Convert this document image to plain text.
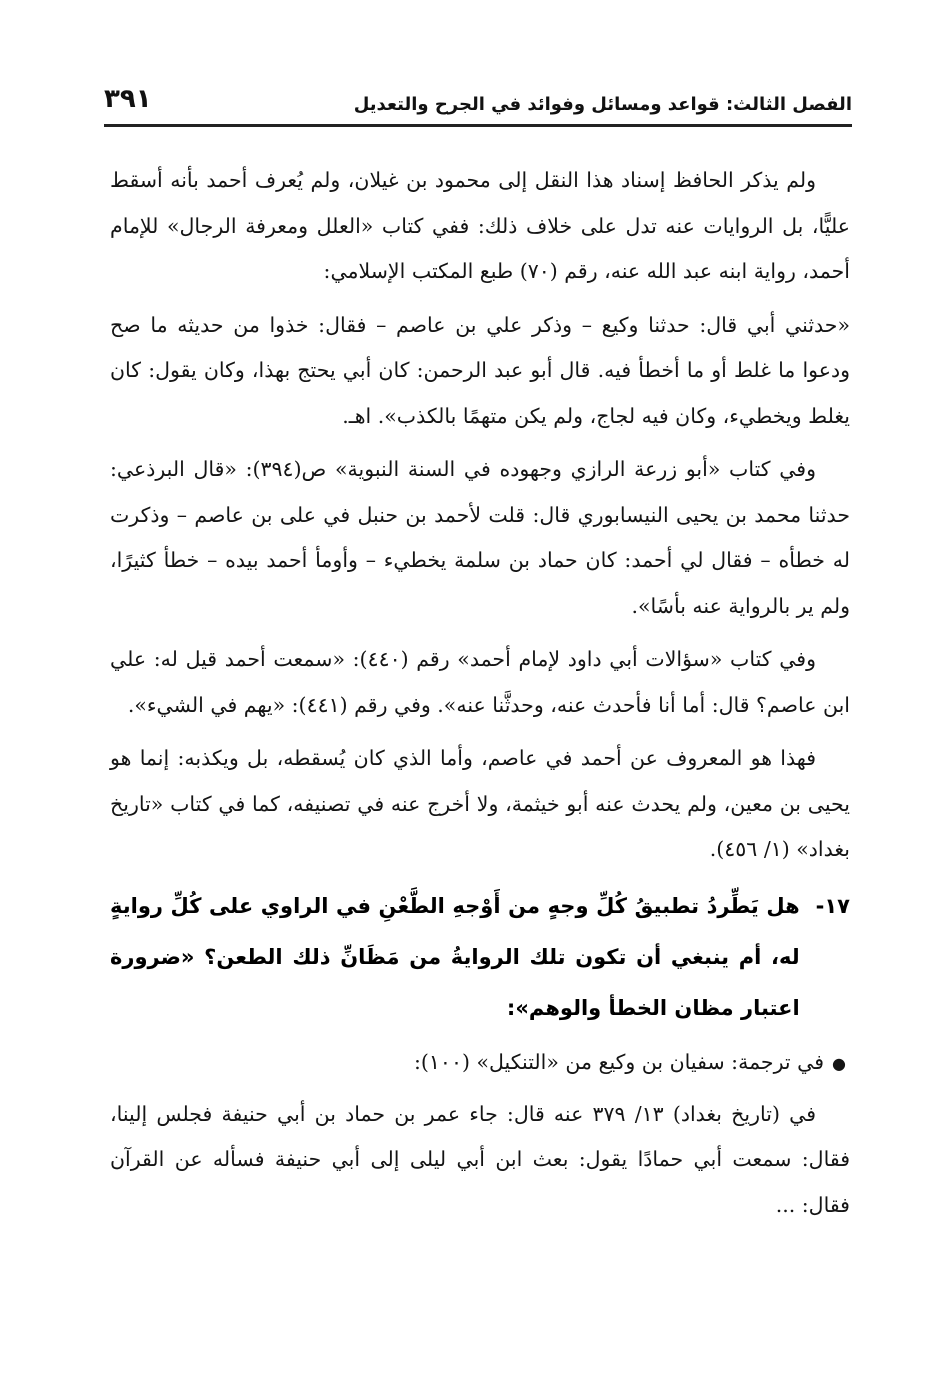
الفصل الثالث: قواعد ومسائل وفوائد في الجرح والتعديل
٣٩١

ولم يذكر الحافظ إسناد هذا النقل إلى محمود بن غيلان، ولم يُعرف أحمد بأنه أسقط عليًّا، بل الروايات عنه تدل على خلاف ذلك: ففي كتاب «العلل ومعرفة الرجال» للإمام أحمد، رواية ابنه عبد الله عنه، رقم (٧٠) طبع المكتب الإسلامي:

«حدثني أبي قال: حدثنا وكيع – وذكر علي بن عاصم – فقال: خذوا من حديثه ما صح ودعوا ما غلط أو ما أخطأ فيه. قال أبو عبد الرحمن: كان أبي يحتج بهذا، وكان يقول: كان يغلط ويخطيء، وكان فيه لجاج، ولم يكن متهمًا بالكذب». اهـ.

وفي كتاب «أبو زرعة الرازي وجهوده في السنة النبوية» ص(٣٩٤): «قال البرذعي: حدثنا محمد بن يحيى النيسابوري قال: قلت لأحمد بن حنبل في على بن عاصم – وذكرت له خطأه – فقال لي أحمد: كان حماد بن سلمة يخطيء – وأومأ أحمد بيده – خطأ كثيرًا، ولم ير بالرواية عنه بأسًا».

وفي كتاب «سؤالات أبي داود لإمام أحمد» رقم (٤٤٠): «سمعت أحمد قيل له: علي ابن عاصم؟ قال: أما أنا فأحدث عنه، وحدثَّنا عنه». وفي رقم (٤٤١): «يهم في الشيء».

فهذا هو المعروف عن أحمد في عاصم، وأما الذي كان يُسقطه، بل ويكذبه: إنما هو يحيى بن معين، ولم يحدث عنه أبو خيثمة، ولا أخرج عنه في تصنيفه، كما في كتاب «تاريخ بغداد» (١/ ٤٥٦).

١٧-
هل يَطِّردُ تطبيقُ كُلِّ وجهٍ من أَوْجهِ الطَّعْنِ في الراوي على كُلِّ روايةٍ له، أم ينبغي أن تكون تلك الروايةُ من مَظَانِّ ذلك الطعن؟ «ضرورة اعتبار مظان الخطأ والوهم»:
●
في ترجمة: سفيان بن وكيع من «التنكيل» (١٠٠):

في (تاريخ بغداد) ١٣/ ٣٧٩ عنه قال: جاء عمر بن حماد بن أبي حنيفة فجلس إلينا، فقال: سمعت أبي حمادًا يقول: بعث ابن أبي ليلى إلى أبي حنيفة فسأله عن القرآن فقال: ...
